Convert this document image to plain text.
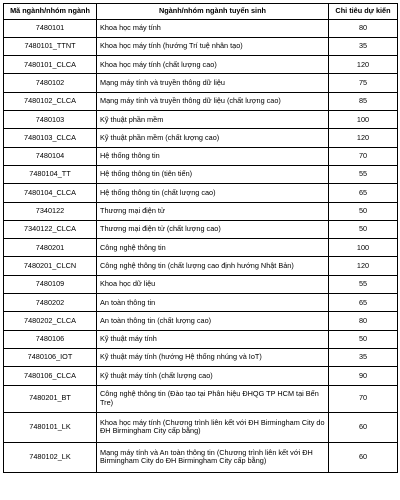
Mã ngành/nhóm ngành	Ngành/nhóm ngành tuyển sinh	Chỉ tiêu dự kiến
7480101	Khoa học máy tính	80
7480101_TTNT	Khoa học máy tính (hướng Trí tuệ nhân tạo)	35
7480101_CLCA	Khoa học máy tính (chất lượng cao)	120
7480102	Mạng máy tính và truyền thông dữ liệu	75
7480102_CLCA	Mạng máy tính và truyền thông dữ liệu (chất lượng cao)	85
7480103	Kỹ thuật phần mềm	100
7480103_CLCA	Kỹ thuật phần mềm (chất lượng cao)	120
7480104	Hệ thống thông tin	70
7480104_TT	Hệ thống thông tin (tiên tiến)	55
7480104_CLCA	Hệ thống thông tin (chất lượng cao)	65
7340122	Thương mại điện tử	50
7340122_CLCA	Thương mại điện tử (chất lượng cao)	50
7480201	Công nghệ thông tin	100
7480201_CLCN	Công nghệ thông tin (chất lượng cao định hướng Nhật Bản)	120
7480109	Khoa học dữ liệu	55
7480202	An toàn thông tin	65
7480202_CLCA	An toàn thông tin (chất lượng cao)	80
7480106	Kỹ thuật máy tính	50
7480106_IOT	Kỹ thuật máy tính (hướng Hệ thống nhúng và IoT)	35
7480106_CLCA	Kỹ thuật máy tính (chất lượng cao)	90
7480201_BT	Công nghệ thông tin (Đào tạo tại Phân hiệu ĐHQG TP HCM tại Bến Tre)	70
7480101_LK	Khoa học máy tính (Chương trình liên kết với ĐH Birmingham City do ĐH Birmingham City cấp bằng)	60
7480102_LK	Mạng máy tính và An toàn thông tin (Chương trình liên kết với ĐH Birmingham City do ĐH Birmingham City cấp bằng)	60
